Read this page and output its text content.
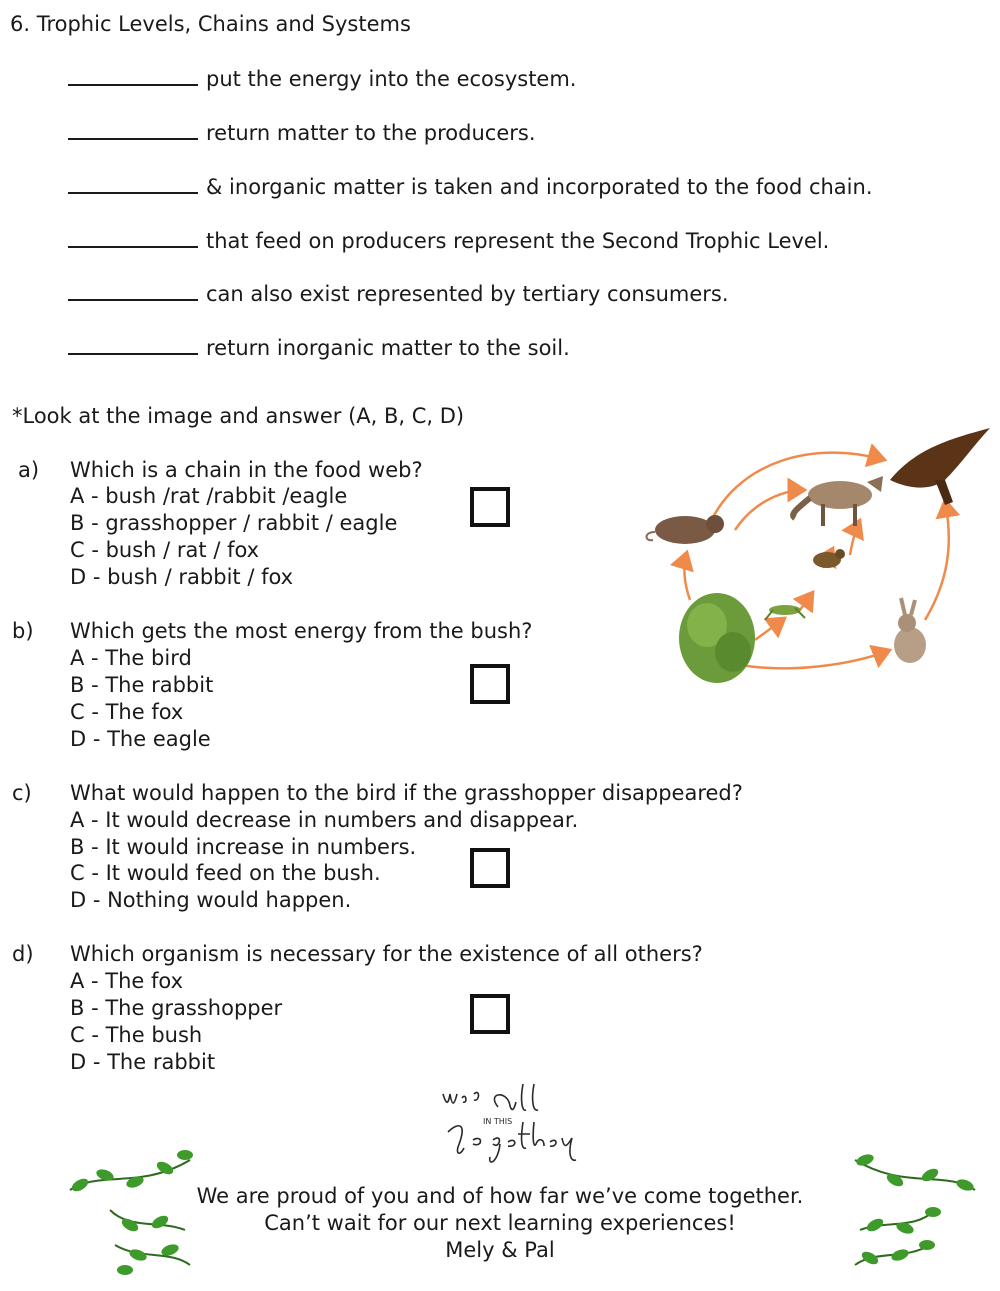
6. Trophic Levels, Chains and Systems
put the energy into the ecosystem.
return matter to the producers.
& inorganic matter is taken and incorporated to the food chain.
that feed on producers represent the Second Trophic Level.
can also exist represented by tertiary consumers.
return inorganic matter to the soil.
*Look at the image and answer (A, B, C, D)
a) Which is a chain in the food web?
A - bush /rat /rabbit /eagle
B - grasshopper / rabbit / eagle
C - bush / rat / fox
D - bush / rabbit / fox
b) Which gets the most energy from the bush?
A - The bird
B - The rabbit
C - The fox
D - The eagle
c) What would happen to the bird if the grasshopper disappeared?
A - It would decrease in numbers and disappear.
B - It would increase in numbers.
C - It would feed on the bush.
D - Nothing would happen.
d) Which organism is necessary for the existence of all others?
A - The fox
B - The grasshopper
C - The bush
D - The rabbit
IN THIS
We are proud of you and of how far we’ve come together.
Can’t wait for our next learning experiences!
Mely & Pal
